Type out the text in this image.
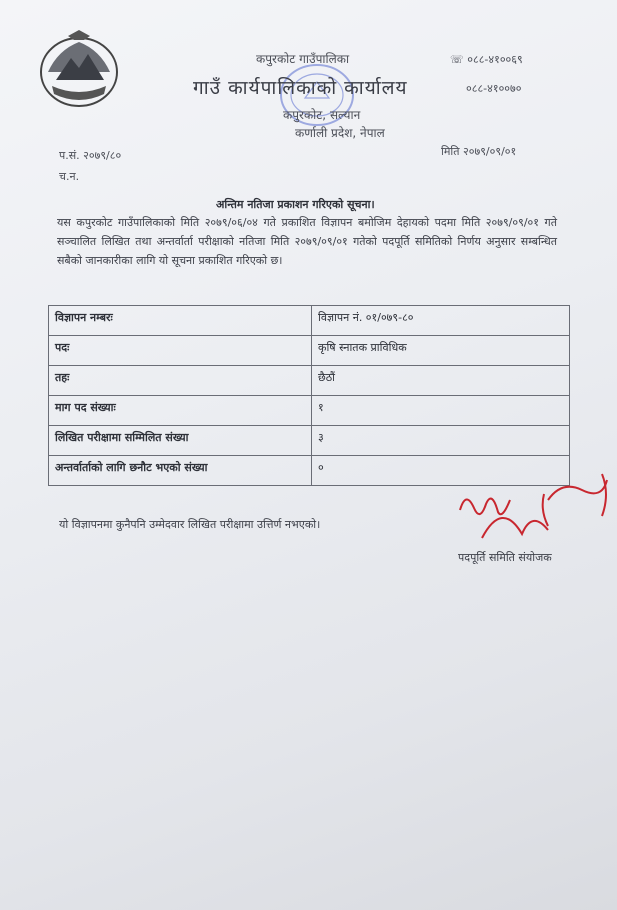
कपुरकोट गाउँपालिका
गाउँ कार्यपालिकाको कार्यालय
कपुरकोट, सल्यान
कर्णाली प्रदेश, नेपाल
☏ ०८८-४१००६९
०८८-४१००७०
प.सं. २०७९/८०
च.न.
मिति २०७९/०९/०१
अन्तिम नतिजा प्रकाशन गरिएको सूचना।
यस कपुरकोट गाउँपालिकाको मिति २०७९/०६/०४ गते प्रकाशित विज्ञापन बमोजिम देहायको पदमा मिति २०७९/०९/०१ गते सञ्चालित लिखित तथा अन्तर्वार्ता परीक्षाको नतिजा मिति २०७९/०९/०१ गतेको पदपूर्ति समितिको निर्णय अनुसार सम्बन्धित सबैको जानकारीका लागि यो सूचना प्रकाशित गरिएको छ।
विज्ञापन नम्बरः	विज्ञापन नं. ०१/०७९-८०
पदः	कृषि स्नातक प्राविधिक
तहः	छैठौं
माग पद संख्याः	१
लिखित परीक्षामा सम्मिलित संख्या	३
अन्तर्वार्ताको लागि छनौट भएको संख्या	०
यो विज्ञापनमा कुनैपनि उम्मेदवार लिखित परीक्षामा उत्तिर्ण नभएको।
पदपूर्ति समिति संयोजक
